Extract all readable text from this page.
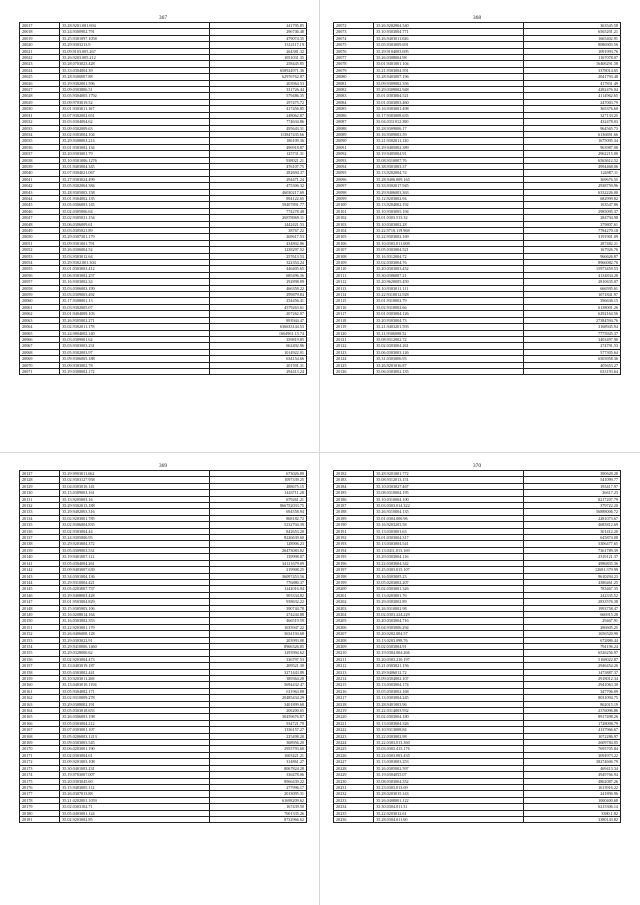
367
20017	35.28.9201.001.694	241795.85
20018	35.24.9300902.791	296746.48
20019	35.25.9301097.1058	479074.35
20020	35.29.9303213.9	1312117.19
20021	35.09.9103.005.267	264381.32
20022	35.26.9203.005.212	1051031.35
20023	35.28.0703023.428	258445.85
20024	35.33.0304004.39	658924971.36
20025	35.28.9300007.88	62976762.87
20026	35.29.9302001.596	203964.53
20027	35.09.0303806.51	331726.44
20028	35.05.9304005.1792	579486.35
20029	35.09.9703019.52	297475.72
20030	35.01.9303011.167	417456.85
20031	35.07.9302002.651	248062.87
20032	35.03.0304004.62	774634.86
20033	35.09.0302009.63	495643.31
20034	35.02.9303004.104	113847435.66
20035	35.29.9308003.214	186109.36
20036	35.01.9303002.134	496918.87
20037	35.20.9303001.79	125731.31
20038	35.10.9301006.1276	938021.21
20039	35.01.9403004.345	476107.75
20040	35.07.9304021.067	282694.37
20041	35.27.9303024.499	294471.24
20042	35.05.9302004.384	475306.32
20043	35.28.9305003.158	46030217.69
20044	35.01.9304002.135	894122.65
20045	35.05.0306003.145	59407891.77
20046	35.02.0305006.64	774278.48
20047	35.02.9305031.154	26878069.11
20048	35.06.0306009.61	1442421.53
20049	35.03.0305021.89	38767.22
20050	35.29.0307301.179	269617.53
20051	35.09.9301001.791	434802.86
20052	35.26.0306004.52	1238297.52
20053	35.03.9303012.64	257613.53
20054	35.29.9302.001.304	322354.24
20055	35.01.0303003.412	446405.65
20056	35.06.9303002.257	685496.36
20057	35.16.9303002.34	292898.09
20058	35.03.0306003.199	466358.22
20059	35.03.0309003.492	299879.84
20060	35.17.9308001.13	254456.41
20061	35.03.9302005.07	4579263.61
20062	35.01.9404009.103	207262.07
20063	35.26.9305002.271	893944.47
20064	35.02.9302011.178	636633144.53
20065	35.24.9804002.140	1664961.13.74
20066	35.03.0309001.62	359819.85
20067	35.03.9303003.231	662492.96
20068	35.05.9302003.97	1014922.01
20069	35.09.9306005.188	634154.66
20070	35.09.9303002.78	201591.31
20071	35.29.0308002.172	294413.24
368
20072	35.26.9202904.540	363545.58
20073	35.10.9303004.771	6565201.21
20074	35.26.9403011.026	1665402.91
20075	35.05.9303009.691	8086903.56
20076	35.29.9104003.695	1091993.76
20077	35.26.0308004.98	1167078.07
20078	35.01.9401001.104	16406291.58
20079	35.21.9303004.591	3378014.65
20080	35.28.9403007.196	2041793.48
20081	35.09.9309002.356	417831.49
20082	35.29.0309002.948	4282476.04
20083	35.01.0303004.521	4114962.65
20084	35.01.0303003.460	247003.79
20085	35.16.9303001.498	365376.60
20086	35.17.9303008.635	327133.25
20087	35.04.0311012.390	432478.03
20088	35.28.9309006.17	964565.73
20089	35.16.9309003.59	6136691.66
20090	35.21.9302011.120	1675095.34
20091	35.29.9405002.389	963987.08
20092	35.19.9405004.91	2962215.00
20093	35.08.9310007.76	6563612.52
20094	35.38.9301003.37	4994468.06
20095	35.13.9202004.74	124987.11
20096	35.28.9406.009.165	369676.55
20097	35.33.9302017.945	2938759.96
20098	35.29.9406003.363	6332226.00
20099	35.12.9203002.94	682999.82
20100	35.13.9204002.192	163547.86
20101	35.10.9303005.194	2985095.37
20102	35.01.0303.513.32	284794.98
20103	35.10.0303002.28	379807.61
20104	35.22.9710.119.968	7784270.18
20105	35.22.9303002.169	3191901.09
20106	35.10.0303.011.008	287482.21
20107	35.05.0303004.521	167926.76
20108	35.16.9312004.72	966626.87
20109	35.02.0303004.76	8966082.76
20110	35.20.0303003.452	15973459.53
20111	35.30.0306007.21	4134834.28
20112	35.20.9620005.459	2810635.07
20113	35.10.9303011.111	666595.61
20114	35.22.9310012.928	1071841.97
20115	35.01.9310002.79	396636.15
20116	35.02.9310002.66	6138001.26
20117	35.01.0303004.126	6292164.56
20118	35.20.9303004.73	27384594.76
20119	35.21.9403201.593	3168945.94
20120	35.11.9306008.52	7775945.37
20121	35.08.9312002.72	3403497.90
20122	35.02.0303004.261	274791.53
20123	35.06.0303003.126	577305.64
20124	35.31.0303006.93	6503958.36
20125	35.26.9201016.87	405653.27
20126	35.06.0303002.135	633193.64
369
20127	35.29.9903011.662	673026.89
20128	35.02.9303127.958	1097339.25
20129	35.04.0303010.141	488675.15
20130	35.15.0309003.161	1443711.28
20131	35.13.9205003.16	679261.21
20132	35.29.9302013.188	866752033.75
20133	35.29.9402003.316	694558.94
20134	35.02.9203001.785	868182.72
20135	35.02.9306004.835	5232704.39
20136	35.02.9303004.44	842653.20
20137	35.24.9305006.95	8226639.60
20138	35.29.9203004.372	128906.23
20139	35.05.0309003.531	26473083.02
20140	35.19.9401007.112	139998.07
20141	35.05.0304004.261	34121679.09
20142	35.09.9403007.639	219908.25
20143	35.34.0301004.136	36097453.56
20144	35.29.9310004.421	776880.37
20145	35.05.0203007.737	1242016.94
20146	35.29.9408003.428	903334.82
20147	35.01.9503004.829	938632.22
20148	35.15.9305003.106	390744.78
20149	35.16.0208014.164	274244.88
20150	35.16.0303002.353	466519.59
20151	35.22.9203001.179	1635947.22
20152	35.26.0406008.128	3634194.68
20153	35.29.0303022.91	203993.08
20154	35.29.9410006.1460	8966326.85
20155	35.29.0328006.62	1293994.62
20156	35.02.9203004.473	336797.53
20157	35.13.0403019.187	209521.30
20158	35.05.0303002.441	3271443.89
20159	35.10.9203011.268	389364.28
20160	35.13.0403010.1194	5694432.47
20161	35.05.9304002.171	611963.88
20162	35.02.9310009.278	20485434.29
20163	35.29.0308002.191	3401899.68
20164	35.05.0303018.653	206200.65
20165	35.26.0306003.198	30459676.87
20166	35.05.0303004.212	934721.79
20167	35.07.0303001.107	1336157.27
20168	35.05.0206003.1213	225498.20
20169	35.09.0303003.545	368956.20
20170	35.06.0203001.190	2955793.60
20171	35.02.0303004.61	1603421.21
20172	35.09.9201003.108	314861.27
20173	35.30.0401003.231	8067824.28
20174	35.19.9703007.007	336478.06
20175	35.20.0303045.60	8966439.22
20176	35.15.9403005.112	277996.17
20177	35.26.0307013.88	2013095.31
20178	35.21.0202001.1059	61698209.62
20179	35.02.0303102.71	167439.50
20180	35.05.0403001.124	7001335.26
20181	35.02.9203002.85	8732966.62
370
20182	35.28.9201001.772	390628.28
20183	35.08.9312013.151	541099.77
20184	35.10.0303027.467	193417.97
20185	35.08.0310004.195	26617.23
20186	35.10.0310004.100	8217207.79
20187	35.03.0303.014.322	379722.20
20188	35.26.9310004.135	56888006.72
20189	35.01.0304.006.96	2281073.67
20190	35.16.9203203.58	4685812.69
20191	35.13.0303001.63	301412.20
20192	35.01.0303004.317	645874.08
20193	35.13.0303004.541	3306477.65
20194	35.13.0411.013.169	7361789.39
20195	35.29.0303004.116	2319121.37
20196	35.22.0303004.342	4986835.36
20197	35.25.0303.015.107	12681.379.99
20198	35.16.0303005.23	9610294.23
20199	35.05.0203002.207	4386461.25
20200	35.02.0303001.326	783467.35
20201	35.13.0203001.76	242335.52
20202	35.29.0303002.89	2833576.38
20203	35.26.9310002.98	1993758.47
20204	35.02.0303.224.229	666915.28
20205	35.20.0303004.716	29467.91
20206	35.04.9303006.294	286605.25
20207	35.20.0202.004.57	1656520.90
20208	35.13.0203.098.76	672886.44
20209	35.02.0303004.91	794196.24
20210	35.19.0304.004.266	6526256.97
20211	35.20.0303.210.197	5168022.87
20212	35.21.0303021.156	2946454.26
20213	35.29.9406012.72	1473887.37
20214	35.09.0304002.107	2918012.34
20215	35.13.0303004.174	2941063.30
20216	35.05.0303002.168	347706.09
20217	35.13.0303004.245	8031094.75
20218	35.28.9401003.96	862015.19
20219	35.22.0314003.932	2376096.86
20220	35.02.0303004.180	8917498.26
20221	35.13.0303004.326	1728008.79
20222	35.10.9313008.84	4137966.67
20223	35.22.0303002.98	1072286.97
20224	35.22.0303.013.360	2609784.05
20225	35.03.0303.415.176	7695705.84
20226	35.22.0303.003.435	3094973.22
20227	35.13.0303003.253	38274606.79
20228	35.26.0305002.597	469413.34
20229	35.19.0304055.07	4949766.94
20230	35.08.0303004.352	4862087.26
20231	35.23.0303.013.69	1613916.22
20232	35.28.0203015.143	241896.96
20233	35.26.0408001.122	1000400.68
20234	35.30.0304.011.31	6215306.14
20235	35.22.0203012.61	3380.1.82
20236	35.28.0304.011.00	3380143.82
